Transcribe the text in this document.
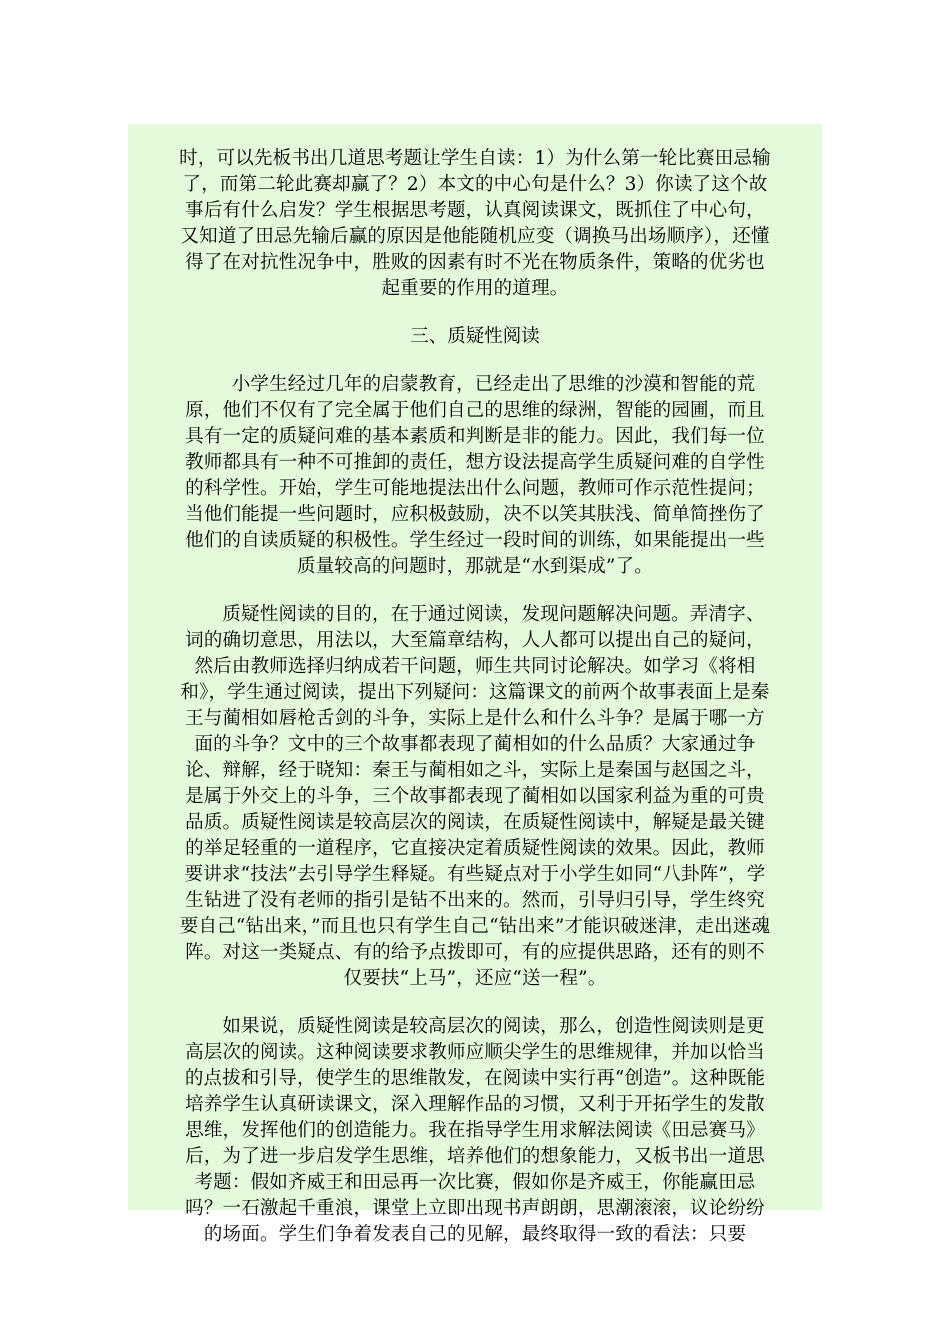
时，可以先板书出几道思考题让学生自读：1）为什么第一轮比赛田忌输了，而第二轮此赛却赢了？2）本文的中心句是什么？3）你读了这个故事后有什么启发？学生根据思考题，认真阅读课文，既抓住了中心句，又知道了田忌先输后赢的原因是他能随机应变（调换马出场顺序），还懂得了在对抗性况争中，胜败的因素有时不光在物质条件，策略的优劣也起重要的作用的道理。

三、质疑性阅读

小学生经过几年的启蒙教育，已经走出了思维的沙漠和智能的荒原，他们不仅有了完全属于他们自己的思维的绿洲，智能的园圃，而且具有一定的质疑问难的基本素质和判断是非的能力。因此，我们每一位教师都具有一种不可推卸的责任，想方设法提高学生质疑问难的自学性的科学性。开始，学生可能地提法出什么问题，教师可作示范性提问；当他们能提一些问题时，应积极鼓励，决不以笑其肤浅、简单简挫伤了他们的自读质疑的积极性。学生经过一段时间的训练，如果能提出一些质量较高的问题时，那就是“水到渠成”了。

质疑性阅读的目的，在于通过阅读，发现问题解决问题。弄清字、词的确切意思，用法以，大至篇章结构，人人都可以提出自己的疑问，然后由教师选择归纳成若干问题，师生共同讨论解决。如学习《将相和》，学生通过阅读，提出下列疑问：这篇课文的前两个故事表面上是秦王与蔺相如唇枪舌剑的斗争，实际上是什么和什么斗争？是属于哪一方面的斗争？文中的三个故事都表现了蔺相如的什么品质？大家通过争论、辩解，经于晓知：秦王与蔺相如之斗，实际上是秦国与赵国之斗，是属于外交上的斗争，三个故事都表现了蔺相如以国家利益为重的可贵品质。质疑性阅读是较高层次的阅读，在质疑性阅读中，解疑是最关键的举足轻重的一道程序，它直接决定着质疑性阅读的效果。因此，教师要讲求“技法”去引导学生释疑。有些疑点对于小学生如同“八卦阵”，学生钻进了没有老师的指引是钻不出来的。然而，引导归引导，学生终究要自己“钻出来，”而且也只有学生自己“钻出来”才能识破迷津，走出迷魂阵。对这一类疑点、有的给予点拨即可，有的应提供思路，还有的则不仅要扶“上马”，还应“送一程”。

如果说，质疑性阅读是较高层次的阅读，那么，创造性阅读则是更高层次的阅读。这种阅读要求教师应顺尖学生的思维规律，并加以恰当的点拔和引导，使学生的思维散发，在阅读中实行再“创造”。这种既能培养学生认真研读课文，深入理解作品的习惯，又利于开拓学生的发散思维，发挥他们的创造能力。我在指导学生用求解法阅读《田忌赛马》后，为了进一步启发学生思维，培养他们的想象能力，又板书出一道思考题：假如齐威王和田忌再一次比赛，假如你是齐威王，你能赢田忌吗？一石激起千重浪，课堂上立即出现书声朗朗，思潮滚滚，议论纷纷的场面。学生们争着发表自己的见解，最终取得一致的看法：只要
